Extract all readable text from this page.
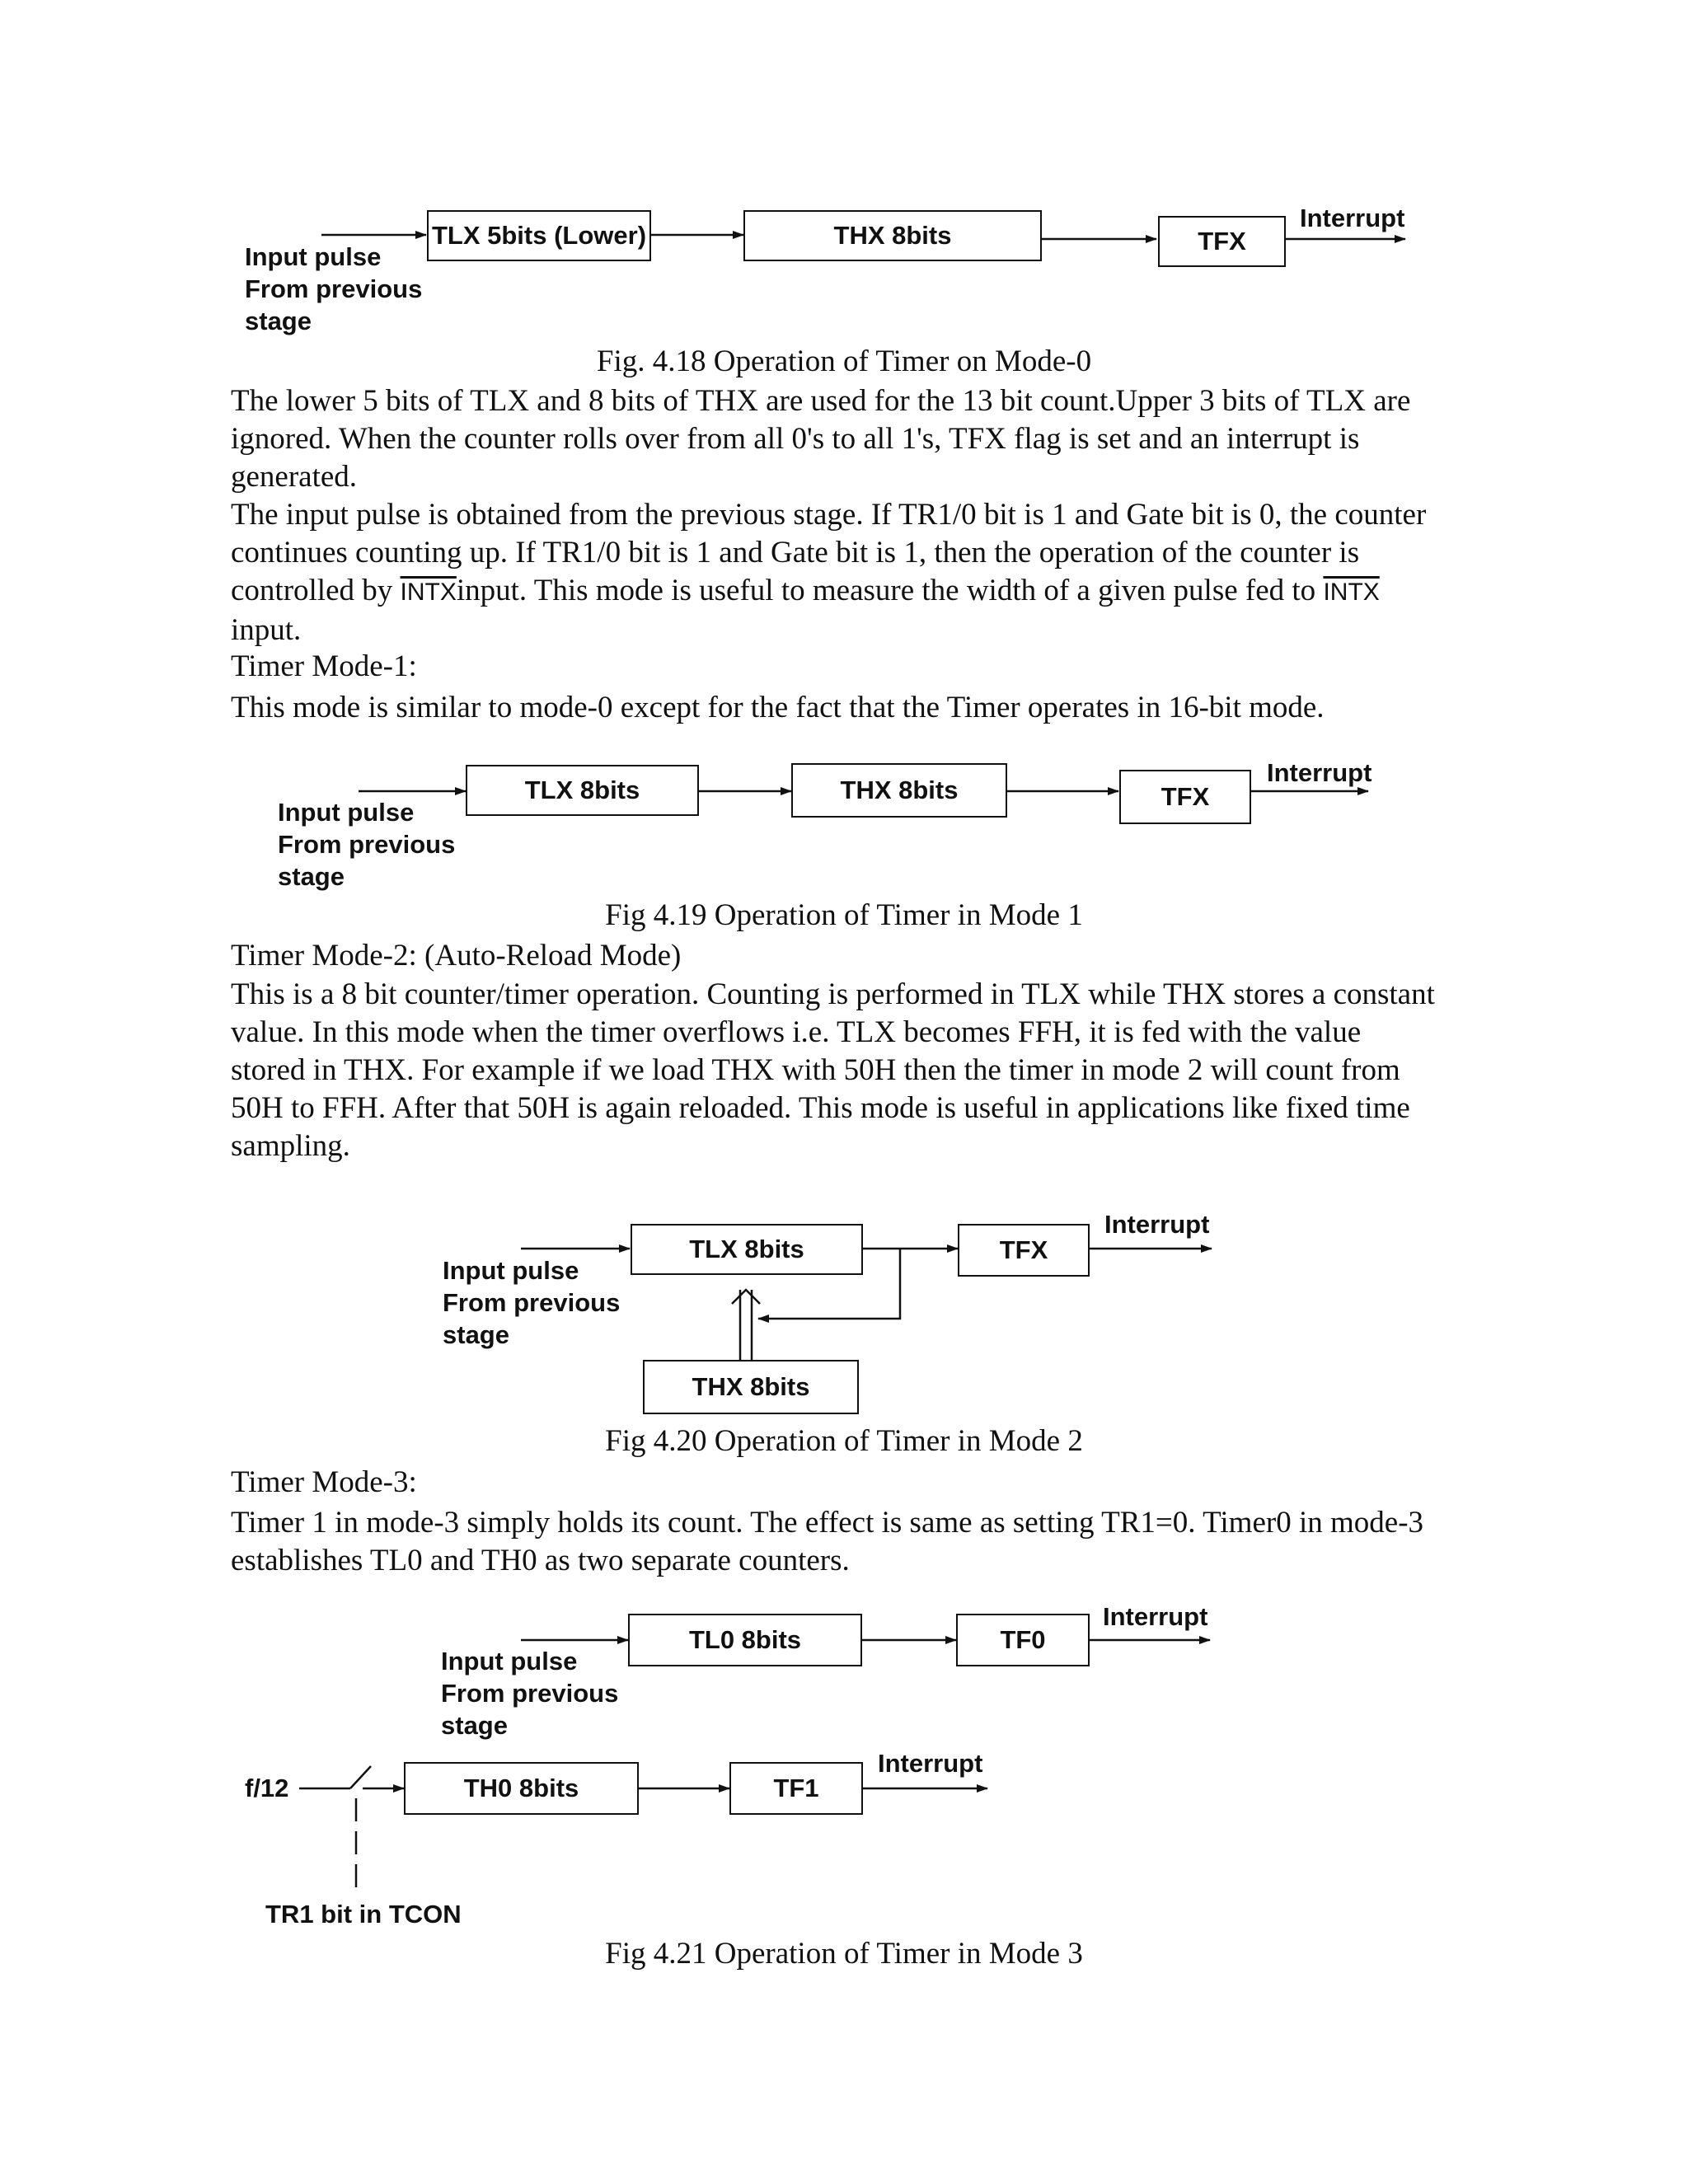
TLX 5bits (Lower)	THX 8bits	TFX
Interrupt
Input pulse
From previous
stage
Fig. 4.18 Operation of Timer on Mode-0

The lower 5 bits of TLX and 8 bits of THX are used for the 13 bit count.Upper 3 bits of TLX are ignored. When the counter rolls over from all 0's to all 1's, TFX flag is set and an interrupt is generated.

The input pulse is obtained from the previous stage. If TR1/0 bit is 1 and Gate bit is 0, the counter continues counting up. If TR1/0 bit is 1 and Gate bit is 1, then the operation of the counter is controlled by INTXinput. This mode is useful to measure the width of a given pulse fed to INTX input.

Timer Mode-1:

This mode is similar to mode-0 except for the fact that the Timer operates in 16-bit mode.

TLX 8bits	THX 8bits	TFX
Interrupt
Input pulse
From previous
stage
Fig 4.19 Operation of Timer in Mode 1
Timer Mode-2: (Auto-Reload Mode)

This is a 8 bit counter/timer operation. Counting is performed in TLX while THX stores a constant value. In this mode when the timer overflows i.e. TLX becomes FFH, it is fed with the value stored in THX. For example if we load THX with 50H then the timer in mode 2 will count from 50H to FFH. After that 50H is again reloaded. This mode is useful in applications like fixed time sampling.

TLX 8bits	TFX
THX 8bits
Interrupt
Input pulse
From previous
stage
Fig 4.20 Operation of Timer in Mode 2
Timer Mode-3:

Timer 1 in mode-3 simply holds its count. The effect is same as setting TR1=0. Timer0 in mode-3 establishes TL0 and TH0 as two separate counters.

TL0 8bits	TF0
Interrupt
Input pulse
From previous
stage
f/12	TH0 8bits	TF1
Interrupt
TR1 bit in TCON
Fig 4.21 Operation of Timer in Mode 3
